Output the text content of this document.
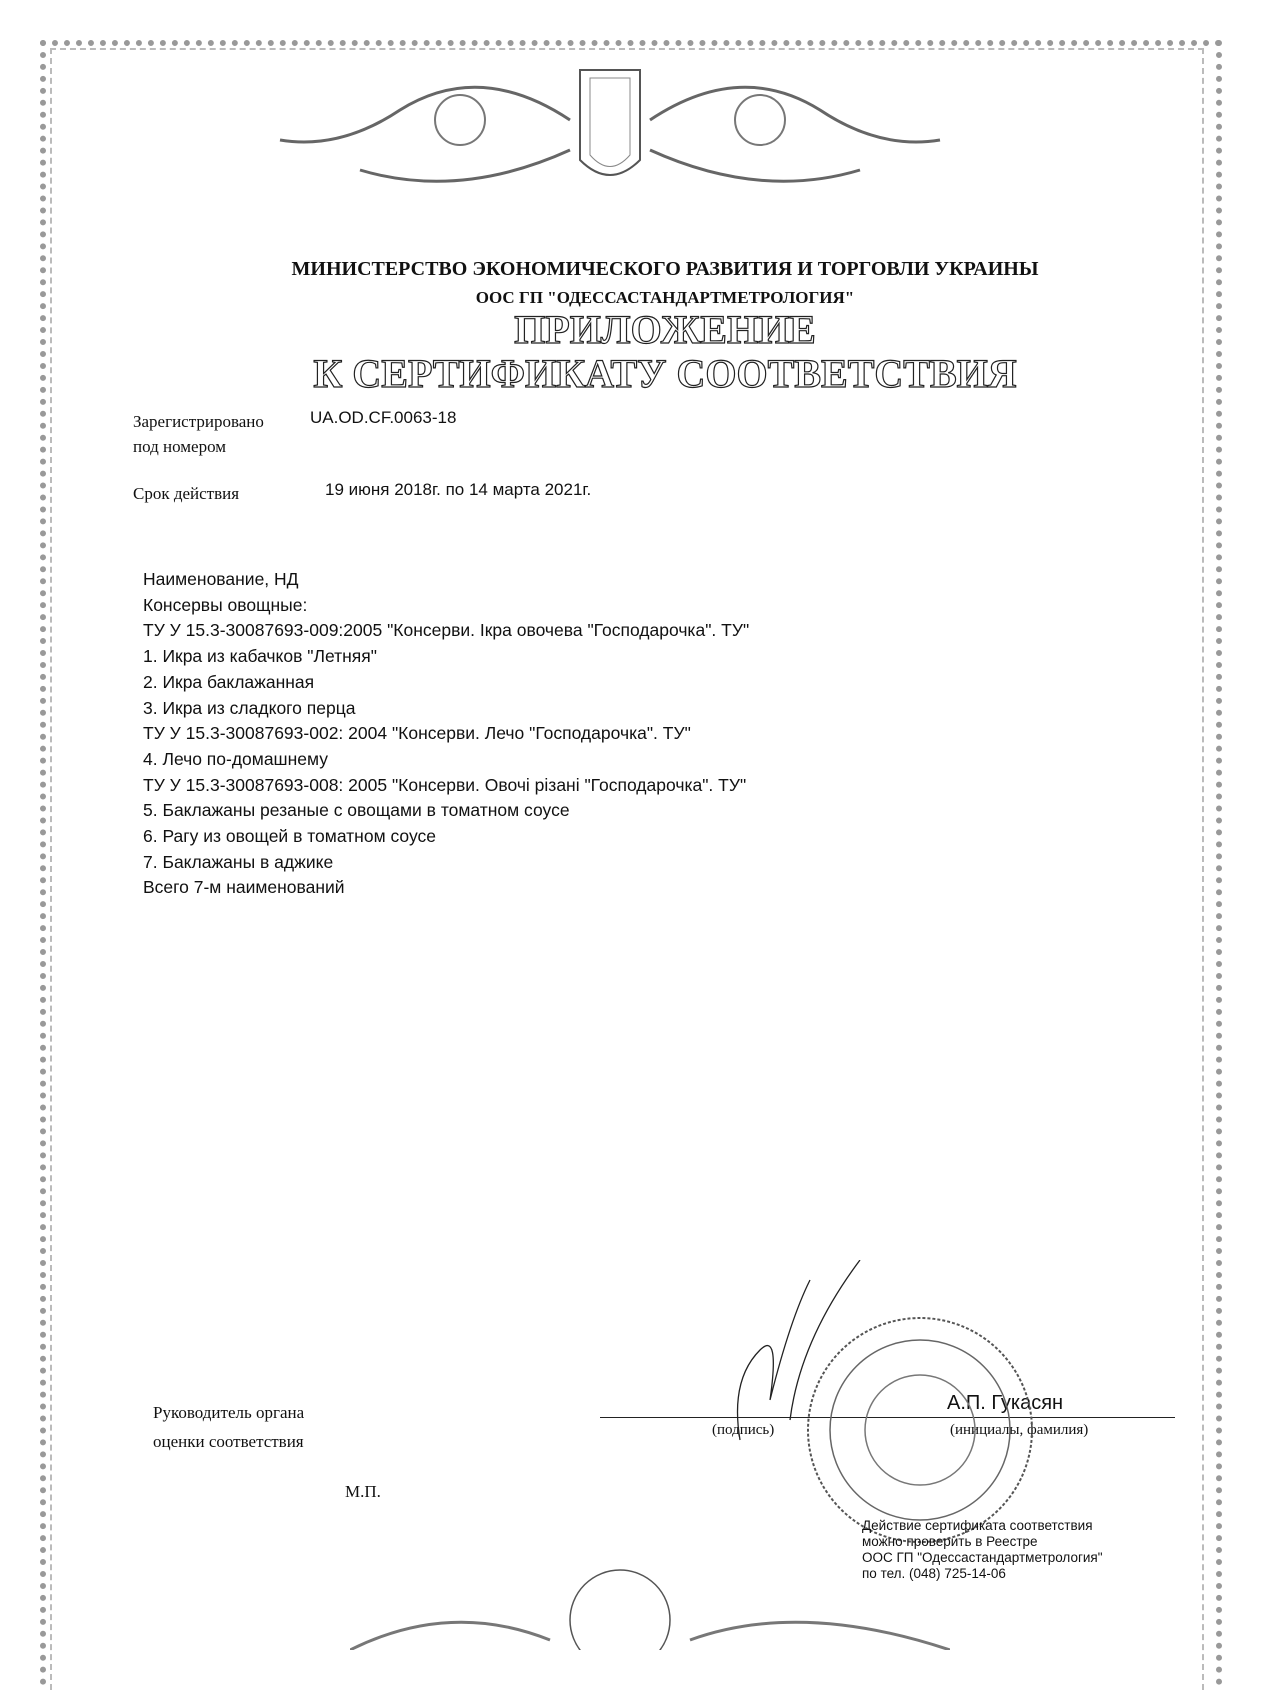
МИНИСТЕРСТВО ЭКОНОМИЧЕСКОГО РАЗВИТИЯ И ТОРГОВЛИ УКРАИНЫ
ООС ГП "ОДЕССАСТАНДАРТМЕТРОЛОГИЯ"
ПРИЛОЖЕНИЕ
К СЕРТИФИКАТУ СООТВЕТСТВИЯ
Зарегистрировано
под номером
UA.OD.CF.0063-18
Срок действия	19 июня 2018г. по 14 марта 2021г.
Наименование, НД
Консервы овощные:
ТУ У 15.3-30087693-009:2005 "Консерви. Ікра овочева "Господарочка". ТУ"
1. Икра из кабачков "Летняя"
2. Икра баклажанная
3. Икра из сладкого перца
ТУ У 15.3-30087693-002: 2004 "Консерви. Лечо "Господарочка". ТУ"
4. Лечо по-домашнему
ТУ У 15.3-30087693-008: 2005 "Консерви. Овочі різані "Господарочка". ТУ"
5. Баклажаны резаные с овощами в томатном соусе
6. Рагу из овощей в томатном соусе
7. Баклажаны в аджике
Всего 7-м наименований
Руководитель органа
оценки соответствия
М.П.
А.П. Гукасян
(подпись)	(инициалы, фамилия)
Действие сертификата соответствия
можно проверить в Реестре
ООС ГП "Одессастандартметрология"
по тел. (048) 725-14-06
